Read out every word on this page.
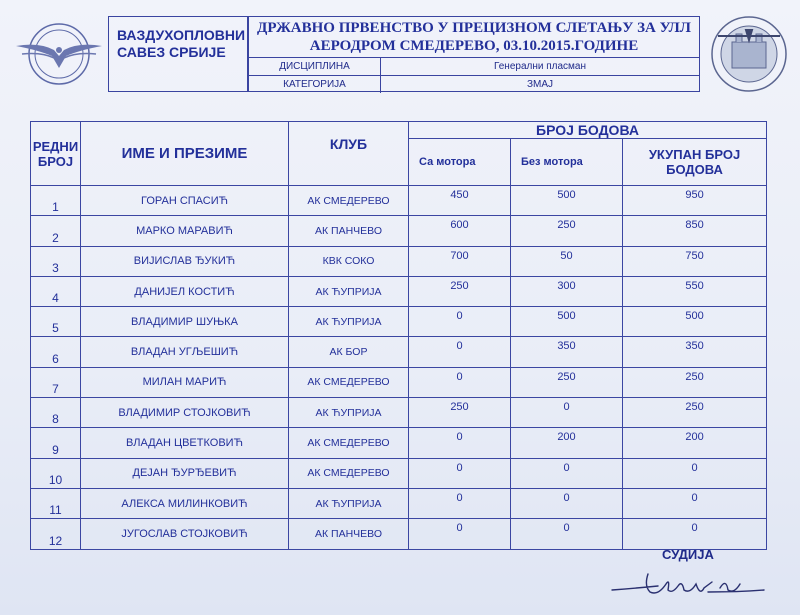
ВАЗДУХОПЛОВНИ
САВЕЗ СРБИЈЕ
ДРЖАВНО ПРВЕНСТВО У ПРЕЦИЗНОМ СЛЕТАЊУ ЗА УЛЛ
АЕРОДРОМ СМЕДЕРЕВО, 03.10.2015.ГОДИНЕ
ДИСЦИПЛИНА	Генерални пласман
КАТЕГОРИЈА	ЗМАЈ
РЕДНИ БРОЈ	ИМЕ И ПРЕЗИМЕ	КЛУБ	БРОЈ БОДОВА		
			Са мотора	Без мотора	УКУПАН БРОЈ БОДОВА
1	ГОРАН СПАСИЋ	АК СМЕДЕРЕВО	450	500	950
2	МАРКО МАРАВИЋ	АК ПАНЧЕВО	600	250	850
3	ВИЈИСЛАВ ЂУКИЋ	КВК СОКО	700	50	750
4	ДАНИЈЕЛ КОСТИЋ	АК ЋУПРИЈА	250	300	550
5	ВЛАДИМИР ШУЊКА	АК ЋУПРИЈА	0	500	500
6	ВЛАДАН УГЉЕШИЋ	АК БОР	0	350	350
7	МИЛАН МАРИЋ	АК СМЕДЕРЕВО	0	250	250
8	ВЛАДИМИР СТОЈКОВИЋ	АК ЋУПРИЈА	250	0	250
9	ВЛАДАН ЦВЕТКОВИЋ	АК СМЕДЕРЕВО	0	200	200
10	ДЕЈАН ЂУРЂЕВИЋ	АК СМЕДЕРЕВО	0	0	0
11	АЛЕКСА МИЛИНКОВИЋ	АК ЋУПРИЈА	0	0	0
12	ЈУГОСЛАВ СТОЈКОВИЋ	АК ПАНЧЕВО	0	0	0
СУДИЈА
